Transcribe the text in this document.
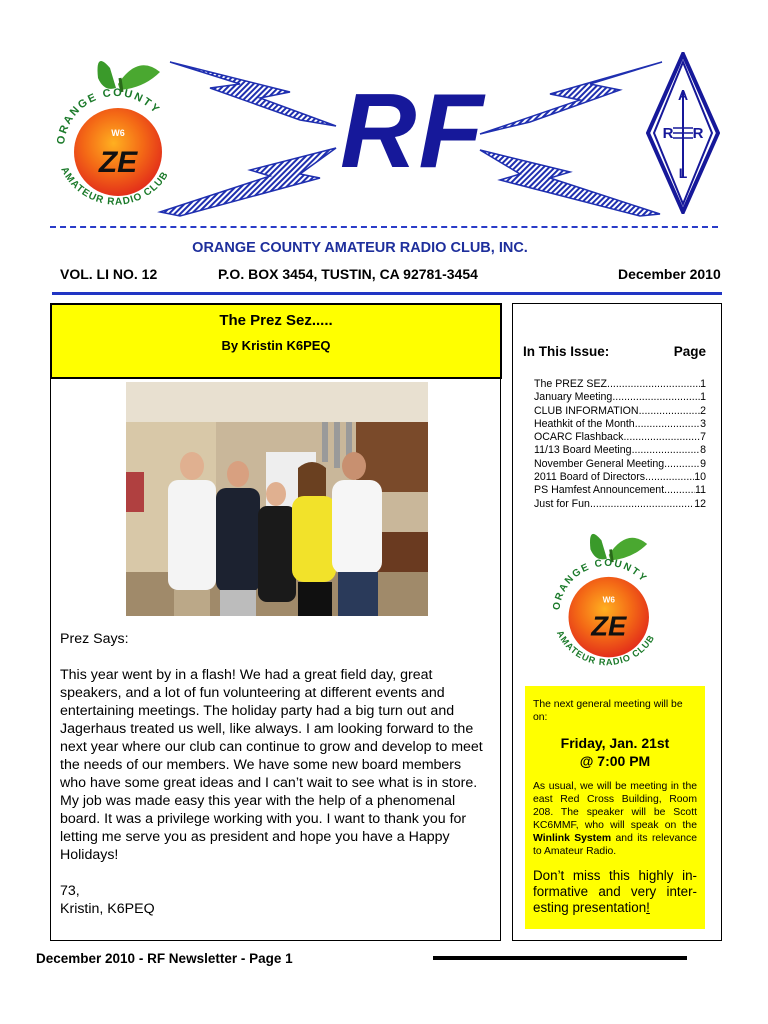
ORANGE COUNTY
AMATEUR RADIO CLUB
W6
ZE RF	A
R R
L
ORANGE COUNTY AMATEUR RADIO CLUB, INC.
VOL. LI NO. 12	P.O. BOX 3454, TUSTIN, CA 92781-3454	December 2010
The Prez Sez.....
By Kristin K6PEQ

Prez Says:

This year went by in a flash! We had a great field day, great speakers, and a lot of fun volunteering at different events and entertaining meetings. The holiday party had a big turn out and Jagerhaus treated us well, like always. I am looking forward to the next year where our club can continue to grow and develop to meet the needs of our members. We have some new board members who have some great ideas and I can’t wait to see what is in store. My job was made easy this year with the help of a phenomenal board. It was a privilege working with you. I want to thank you for letting me serve you as president and hope you have a Happy Holidays!

73,

Kristin, K6PEQ

In This Issue:	Page
The PREZ SEZ .....	1
January Meeting .....	1
CLUB INFORMATION .....	2
Heathkit of the Month .....	3
OCARC Flashback .....	7
11/13 Board Meeting .....	8
November General Meeting .....	9
2011 Board of Directors .....	10
PS Hamfest Announcement .....	11
Just for Fun .....	12
ORANGE COUNTY
AMATEUR RADIO CLUB
W6
ZE

The next general meeting will be on:

Friday, Jan. 21st
@ 7:00 PM

As usual, we will be meeting in the east Red Cross Building, Room 208. The speaker will be Scott KC6MMF, who will speak on the Winlink System and its relevance to Amateur Radio.

Don’t miss this highly informative and very interesting presentation!

December 2010 - RF Newsletter - Page 1
